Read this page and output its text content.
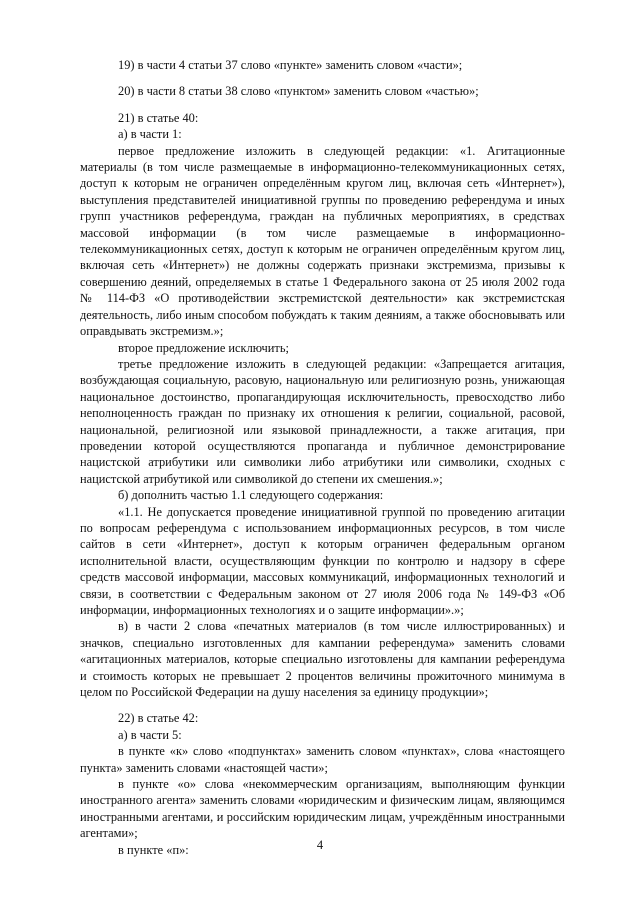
19) в части 4 статьи 37 слово «пункте» заменить словом «части»;

20) в части 8 статьи 38 слово «пунктом» заменить словом «частью»;

21) в статье 40:

а) в части 1:

первое предложение изложить в следующей редакции: «1. Агитационные материалы (в том числе размещаемые в информационно-телекоммуникационных сетях, доступ к которым не ограничен определённым кругом лиц, включая сеть «Интернет»), выступления представителей инициативной группы по проведению референдума и иных групп участников референдума, граждан на публичных мероприятиях, в средствах массовой информации (в том числе размещаемые в информационно-телекоммуникационных сетях, доступ к которым не ограничен определённым кругом лиц, включая сеть «Интернет») не должны содержать признаки экстремизма, призывы к совершению деяний, определяемых в статье 1 Федерального закона от 25 июля 2002 года № 114-ФЗ «О противодействии экстремистской деятельности» как экстремистская деятельность, либо иным способом побуждать к таким деяниям, а также обосновывать или оправдывать экстремизм.»;

второе предложение исключить;

третье предложение изложить в следующей редакции: «Запрещается агитация, возбуждающая социальную, расовую, национальную или религиозную рознь, унижающая национальное достоинство, пропагандирующая исключительность, превосходство либо неполноценность граждан по признаку их отношения к религии, социальной, расовой, национальной, религиозной или языковой принадлежности, а также агитация, при проведении которой осуществляются пропаганда и публичное демонстрирование нацистской атрибутики или символики либо атрибутики или символики, сходных с нацистской атрибутикой или символикой до степени их смешения.»;

б) дополнить частью 1.1 следующего содержания:

«1.1. Не допускается проведение инициативной группой по проведению агитации по вопросам референдума с использованием информационных ресурсов, в том числе сайтов в сети «Интернет», доступ к которым ограничен федеральным органом исполнительной власти, осуществляющим функции по контролю и надзору в сфере средств массовой информации, массовых коммуникаций, информационных технологий и связи, в соответствии с Федеральным законом от 27 июля 2006 года № 149-ФЗ «Об информации, информационных технологиях и о защите информации».»;

в) в части 2 слова «печатных материалов (в том числе иллюстрированных) и значков, специально изготовленных для кампании референдума» заменить словами «агитационных материалов, которые специально изготовлены для кампании референдума и стоимость которых не превышает 2 процентов величины прожиточного минимума в целом по Российской Федерации на душу населения за единицу продукции»;

22) в статье 42:

а) в части 5:

в пункте «к» слово «подпунктах» заменить словом «пунктах», слова «настоящего пункта» заменить словами «настоящей части»;

в пункте «о» слова «некоммерческим организациям, выполняющим функции иностранного агента» заменить словами «юридическим и физическим лицам, являющимся иностранными агентами, и российским юридическим лицам, учреждённым иностранными агентами»;

в пункте «п»:	4
